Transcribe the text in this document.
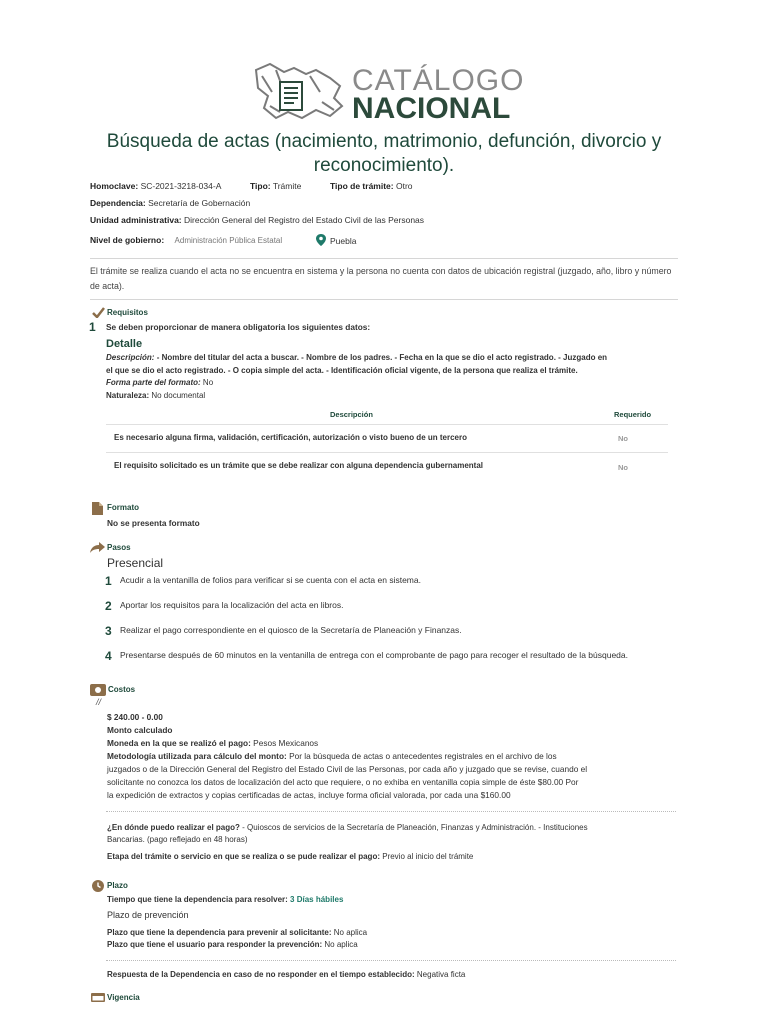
CATÁLOGO
NACIONAL
Búsqueda de actas (nacimiento, matrimonio, defunción, divorcio y reconocimiento).
Homoclave: SC-2021-3218-034-A	Tipo: Trámite	Tipo de trámite: Otro
Dependencia: Secretaría de Gobernación
Unidad administrativa: Dirección General del Registro del Estado Civil de las Personas
Nivel de gobierno: Administración Pública Estatal	Puebla
El trámite se realiza cuando el acta no se encuentra en sistema y la persona no cuenta con datos de ubicación registral (juzgado, año, libro y número de acta).
Requisitos
1	Se deben proporcionar de manera obligatoria los siguientes datos:
Detalle
Descripción: - Nombre del titular del acta a buscar. - Nombre de los padres. - Fecha en la que se dio el acto registrado. - Juzgado en
el que se dio el acto registrado. - O copia simple del acta. - Identificación oficial vigente, de la persona que realiza el trámite.
Forma parte del formato: No
Naturaleza: No documental
Descripción	Requerido
Es necesario alguna firma, validación, certificación, autorización o visto bueno de un tercero	No
El requisito solicitado es un trámite que se debe realizar con alguna dependencia gubernamental	No
Formato
No se presenta formato
Pasos
Presencial
1 Acudir a la ventanilla de folios para verificar si se cuenta con el acta en sistema.
2 Aportar los requisitos para la localización del acta en libros.
3 Realizar el pago correspondiente en el quiosco de la Secretaría de Planeación y Finanzas.
4 Presentarse después de 60 minutos en la ventanilla de entrega con el comprobante de pago para recoger el resultado de la búsqueda.
Costos
//
$ 240.00 - 0.00
Monto calculado
Moneda en la que se realizó el pago: Pesos Mexicanos
Metodología utilizada para cálculo del monto: Por la búsqueda de actas o antecedentes registrales en el archivo de los
juzgados o de la Dirección General del Registro del Estado Civil de las Personas, por cada año y juzgado que se revise, cuando el
solicitante no conozca los datos de localización del acto que requiere, o no exhiba en ventanilla copia simple de éste $80.00 Por
la expedición de extractos y copias certificadas de actas, incluye forma oficial valorada, por cada una $160.00
¿En dónde puedo realizar el pago? - Quioscos de servicios de la Secretaría de Planeación, Finanzas y Administración. - Instituciones
Bancarias. (pago reflejado en 48 horas)
Etapa del trámite o servicio en que se realiza o se pude realizar el pago: Previo al inicio del trámite
Plazo
Tiempo que tiene la dependencia para resolver: 3 Días hábiles
Plazo de prevención
Plazo que tiene la dependencia para prevenir al solicitante: No aplica
Plazo que tiene el usuario para responder la prevención: No aplica
Respuesta de la Dependencia en caso de no responder en el tiempo establecido: Negativa ficta
Vigencia
